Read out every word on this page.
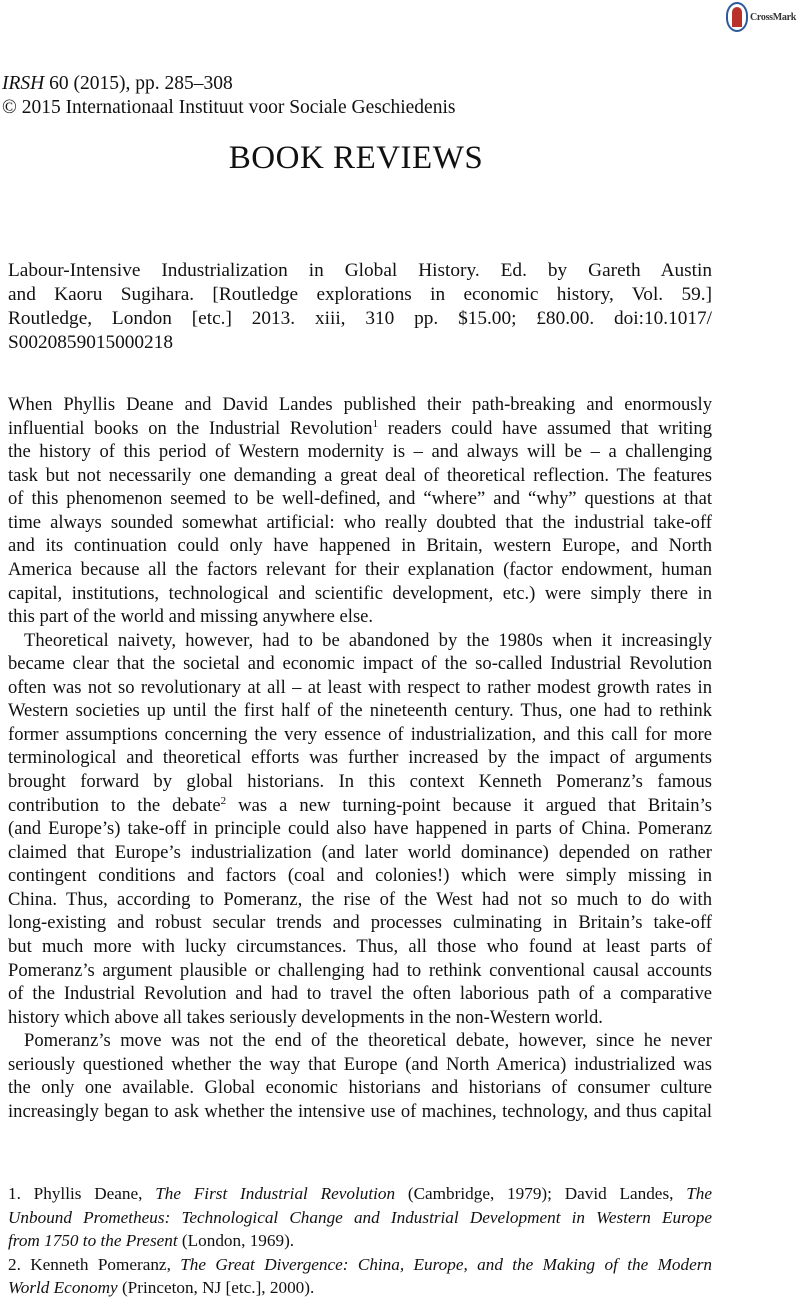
CrossMark
IRSH 60 (2015), pp. 285–308
© 2015 Internationaal Instituut voor Sociale Geschiedenis
BOOK REVIEWS
Labour-Intensive Industrialization in Global History. Ed. by Gareth Austin
and Kaoru Sugihara. [Routledge explorations in economic history, Vol. 59.]
Routledge, London [etc.] 2013. xiii, 310 pp. $15.00; £80.00. doi:10.1017/
S0020859015000218
When Phyllis Deane and David Landes published their path-breaking and enormously
influential books on the Industrial Revolution$^1$ readers could have assumed that writing
the history of this period of Western modernity is – and always will be – a challenging
task but not necessarily one demanding a great deal of theoretical reflection. The features
of this phenomenon seemed to be well-defined, and “where” and “why” questions at that
time always sounded somewhat artificial: who really doubted that the industrial take-off
and its continuation could only have happened in Britain, western Europe, and North
America because all the factors relevant for their explanation (factor endowment, human
capital, institutions, technological and scientific development, etc.) were simply there in
this part of the world and missing anywhere else.
Theoretical naivety, however, had to be abandoned by the 1980s when it increasingly
became clear that the societal and economic impact of the so-called Industrial Revolution
often was not so revolutionary at all – at least with respect to rather modest growth rates in
Western societies up until the first half of the nineteenth century. Thus, one had to rethink
former assumptions concerning the very essence of industrialization, and this call for more
terminological and theoretical efforts was further increased by the impact of arguments
brought forward by global historians. In this context Kenneth Pomeranz’s famous
contribution to the debate$^2$ was a new turning-point because it argued that Britain’s
(and Europe’s) take-off in principle could also have happened in parts of China. Pomeranz
claimed that Europe’s industrialization (and later world dominance) depended on rather
contingent conditions and factors (coal and colonies!) which were simply missing in
China. Thus, according to Pomeranz, the rise of the West had not so much to do with
long-existing and robust secular trends and processes culminating in Britain’s take-off
but much more with lucky circumstances. Thus, all those who found at least parts of
Pomeranz’s argument plausible or challenging had to rethink conventional causal accounts
of the Industrial Revolution and had to travel the often laborious path of a comparative
history which above all takes seriously developments in the non-Western world.
Pomeranz’s move was not the end of the theoretical debate, however, since he never
seriously questioned whether the way that Europe (and North America) industrialized was
the only one available. Global economic historians and historians of consumer culture
increasingly began to ask whether the intensive use of machines, technology, and thus capital
1. Phyllis Deane, The First Industrial Revolution (Cambridge, 1979); David Landes, The
Unbound Prometheus: Technological Change and Industrial Development in Western Europe
from 1750 to the Present (London, 1969).
2. Kenneth Pomeranz, The Great Divergence: China, Europe, and the Making of the Modern
World Economy (Princeton, NJ [etc.], 2000).
